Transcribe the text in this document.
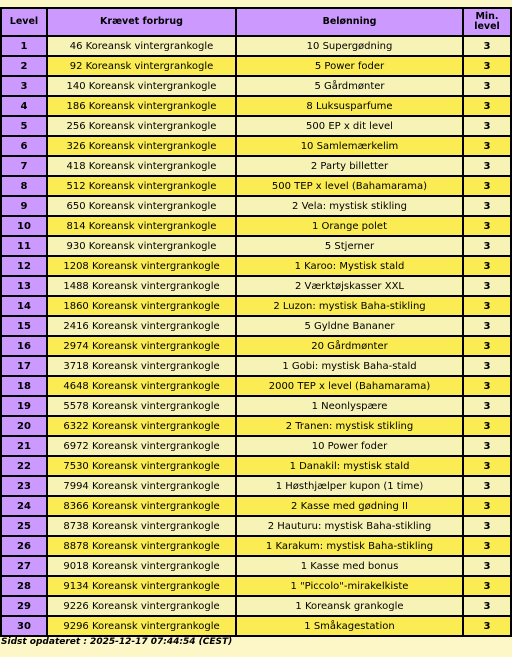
Level	Krævet forbrug	Belønning	Min.
level
1	46 Koreansk vintergrankogle	10 Supergødning	3
2	92 Koreansk vintergrankogle	5 Power foder	3
3	140 Koreansk vintergrankogle	5 Gårdmønter	3
4	186 Koreansk vintergrankogle	8 Luksusparfume	3
5	256 Koreansk vintergrankogle	500 EP x dit level	3
6	326 Koreansk vintergrankogle	10 Samlemærkelim	3
7	418 Koreansk vintergrankogle	2 Party billetter	3
8	512 Koreansk vintergrankogle	500 TEP x level (Bahamarama)	3
9	650 Koreansk vintergrankogle	2 Vela: mystisk stikling	3
10	814 Koreansk vintergrankogle	1 Orange polet	3
11	930 Koreansk vintergrankogle	5 Stjerner	3
12	1208 Koreansk vintergrankogle	1 Karoo: Mystisk stald	3
13	1488 Koreansk vintergrankogle	2 Værktøjskasser XXL	3
14	1860 Koreansk vintergrankogle	2 Luzon: mystisk Baha-stikling	3
15	2416 Koreansk vintergrankogle	5 Gyldne Bananer	3
16	2974 Koreansk vintergrankogle	20 Gårdmønter	3
17	3718 Koreansk vintergrankogle	1 Gobi: mystisk Baha-stald	3
18	4648 Koreansk vintergrankogle	2000 TEP x level (Bahamarama)	3
19	5578 Koreansk vintergrankogle	1 Neonlyspære	3
20	6322 Koreansk vintergrankogle	2 Tranen: mystisk stikling	3
21	6972 Koreansk vintergrankogle	10 Power foder	3
22	7530 Koreansk vintergrankogle	1 Danakil: mystisk stald	3
23	7994 Koreansk vintergrankogle	1 Høsthjælper kupon (1 time)	3
24	8366 Koreansk vintergrankogle	2 Kasse med gødning II	3
25	8738 Koreansk vintergrankogle	2 Hauturu: mystisk Baha-stikling	3
26	8878 Koreansk vintergrankogle	1 Karakum: mystisk Baha-stikling	3
27	9018 Koreansk vintergrankogle	1 Kasse med bonus	3
28	9134 Koreansk vintergrankogle	1 "Piccolo"-mirakelkiste	3
29	9226 Koreansk vintergrankogle	1 Koreansk grankogle	3
30	9296 Koreansk vintergrankogle	1 Småkagestation	3
Sidst opdateret : 2025-12-17 07:44:54 (CEST)
